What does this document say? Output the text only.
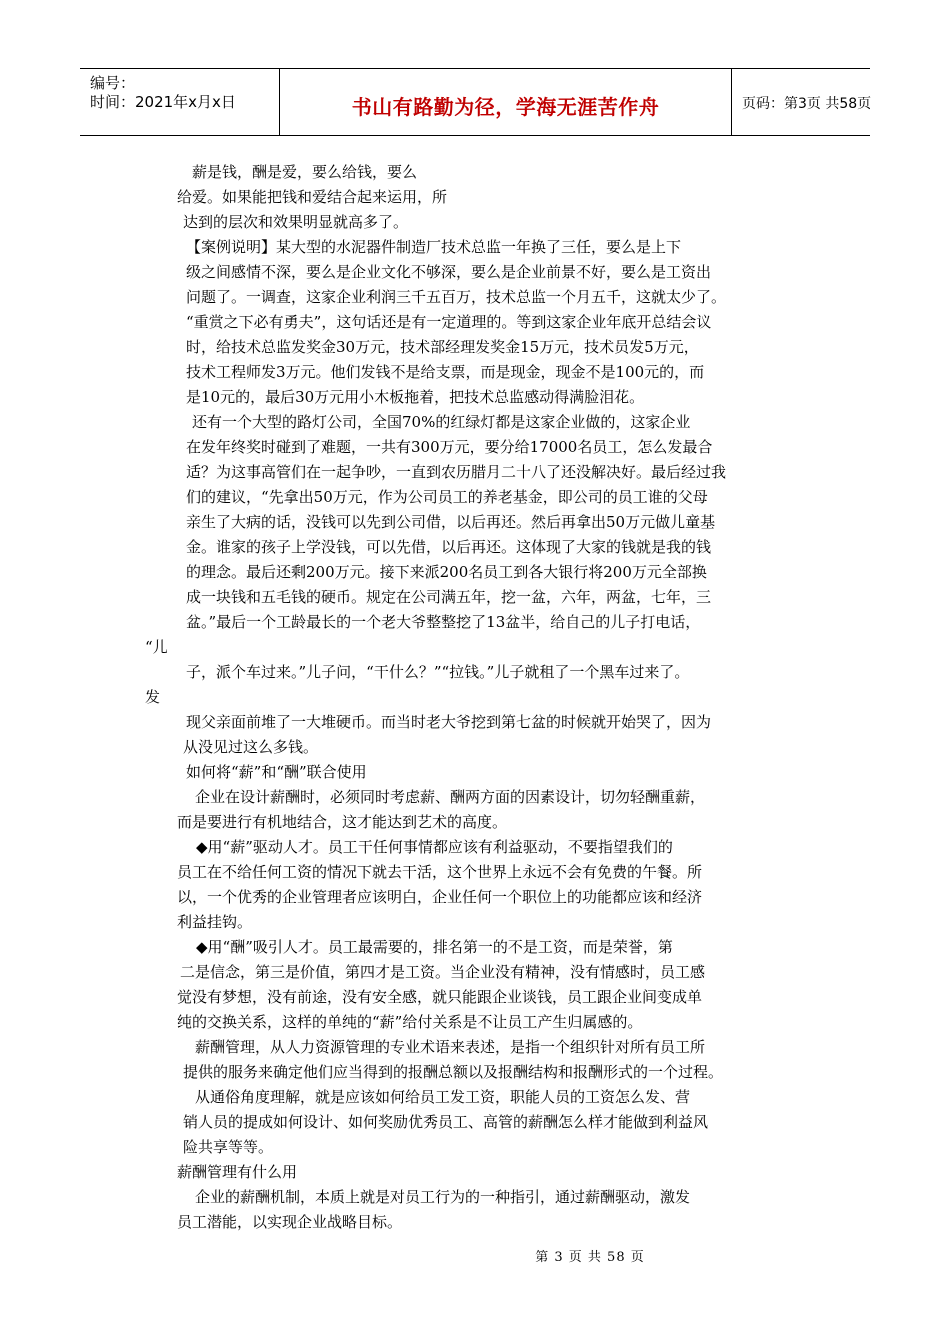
编号：
时间：2021年x月x日	书山有路勤为径，学海无涯苦作舟	页码：第3页 共58页
薪是钱，酬是爱，要么给钱，要么
给爱。如果能把钱和爱结合起来运用，所
达到的层次和效果明显就高多了。
【案例说明】某大型的水泥器件制造厂技术总监一年换了三任，要么是上下
级之间感情不深，要么是企业文化不够深，要么是企业前景不好，要么是工资出
问题了。一调查，这家企业利润三千五百万，技术总监一个月五千，这就太少了。
“重赏之下必有勇夫”，这句话还是有一定道理的。等到这家企业年底开总结会议
时，给技术总监发奖金30万元，技术部经理发奖金15万元，技术员发5万元，
技术工程师发3万元。他们发钱不是给支票，而是现金，现金不是100元的，而
是10元的，最后30万元用小木板拖着，把技术总监感动得满脸泪花。
还有一个大型的路灯公司，全国70%的红绿灯都是这家企业做的，这家企业
在发年终奖时碰到了难题，一共有300万元，要分给17000名员工，怎么发最合
适？为这事高管们在一起争吵，一直到农历腊月二十八了还没解决好。最后经过我
们的建议，“先拿出50万元，作为公司员工的养老基金，即公司的员工谁的父母
亲生了大病的话，没钱可以先到公司借，以后再还。然后再拿出50万元做儿童基
金。谁家的孩子上学没钱，可以先借，以后再还。这体现了大家的钱就是我的钱
的理念。最后还剩200万元。接下来派200名员工到各大银行将200万元全部换
成一块钱和五毛钱的硬币。规定在公司满五年，挖一盆，六年，两盆，七年，三
盆。”最后一个工龄最长的一个老大爷整整挖了13盆半，给自己的儿子打电话，
“儿
子，派个车过来。”儿子问，“干什么？”“拉钱。”儿子就租了一个黑车过来了。
发
现父亲面前堆了一大堆硬币。而当时老大爷挖到第七盆的时候就开始哭了，因为
从没见过这么多钱。
如何将“薪”和“酬”联合使用
企业在设计薪酬时，必须同时考虑薪、酬两方面的因素设计，切勿轻酬重薪，
而是要进行有机地结合，这才能达到艺术的高度。
◆用“薪”驱动人才。员工干任何事情都应该有利益驱动，不要指望我们的
员工在不给任何工资的情况下就去干活，这个世界上永远不会有免费的午餐。所
以，一个优秀的企业管理者应该明白，企业任何一个职位上的功能都应该和经济
利益挂钩。
◆用“酬”吸引人才。员工最需要的，排名第一的不是工资，而是荣誉，第
二是信念，第三是价值，第四才是工资。当企业没有精神，没有情感时，员工感
觉没有梦想，没有前途，没有安全感，就只能跟企业谈钱，员工跟企业间变成单
纯的交换关系，这样的单纯的“薪”给付关系是不让员工产生归属感的。
薪酬管理，从人力资源管理的专业术语来表述，是指一个组织针对所有员工所
提供的服务来确定他们应当得到的报酬总额以及报酬结构和报酬形式的一个过程。
从通俗角度理解，就是应该如何给员工发工资，职能人员的工资怎么发、营
销人员的提成如何设计、如何奖励优秀员工、高管的薪酬怎么样才能做到利益风
险共享等等。
薪酬管理有什么用
企业的薪酬机制，本质上就是对员工行为的一种指引，通过薪酬驱动，激发
员工潜能，以实现企业战略目标。
第 3 页 共 58 页
